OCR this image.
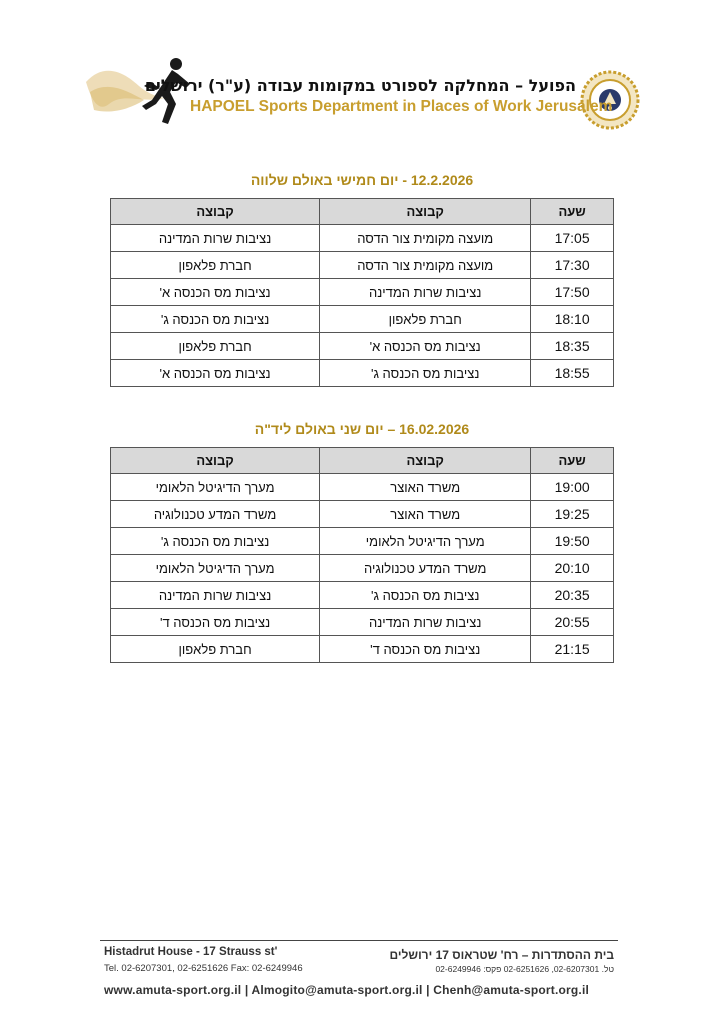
הפועל – המחלקה לספורט במקומות עבודה (ע"ר) ירושלים
HAPOEL Sports Department in Places of Work Jerusalem
12.2.2026 - יום חמישי באולם שלווה
שעה	קבוצה	קבוצה
17:05	מועצה מקומית צור הדסה	נציבות שרות המדינה
17:30	מועצה מקומית צור הדסה	חברת פלאפון
17:50	נציבות שרות המדינה	נציבות מס הכנסה א'
18:10	חברת פלאפון	נציבות מס הכנסה ג'
18:35	נציבות מס הכנסה א'	חברת פלאפון
18:55	נציבות מס הכנסה ג'	נציבות מס הכנסה א'
16.02.2026 – יום שני באולם ליד"ה
שעה	קבוצה	קבוצה
19:00	משרד האוצר	מערך הדיגיטל הלאומי
19:25	משרד האוצר	משרד המדע טכנולוגיה
19:50	מערך הדיגיטל הלאומי	נציבות מס הכנסה ג'
20:10	משרד המדע טכנולוגיה	מערך הדיגיטל הלאומי
20:35	נציבות מס הכנסה ג'	נציבות שרות המדינה
20:55	נציבות שרות המדינה	נציבות מס הכנסה ד'
21:15	נציבות מס הכנסה ד'	חברת פלאפון
Histadrut House - 17 Strauss st'
Tel. 02-6207301, 02-6251626 Fax: 02-6249946
בית ההסתדרות – רח' שטראוס 17 ירושלים
טל. 02-6207301, 02-6251626 פקס: 02-6249946
www.amuta-sport.org.il | Almogito@amuta-sport.org.il | Chenh@amuta-sport.org.il
